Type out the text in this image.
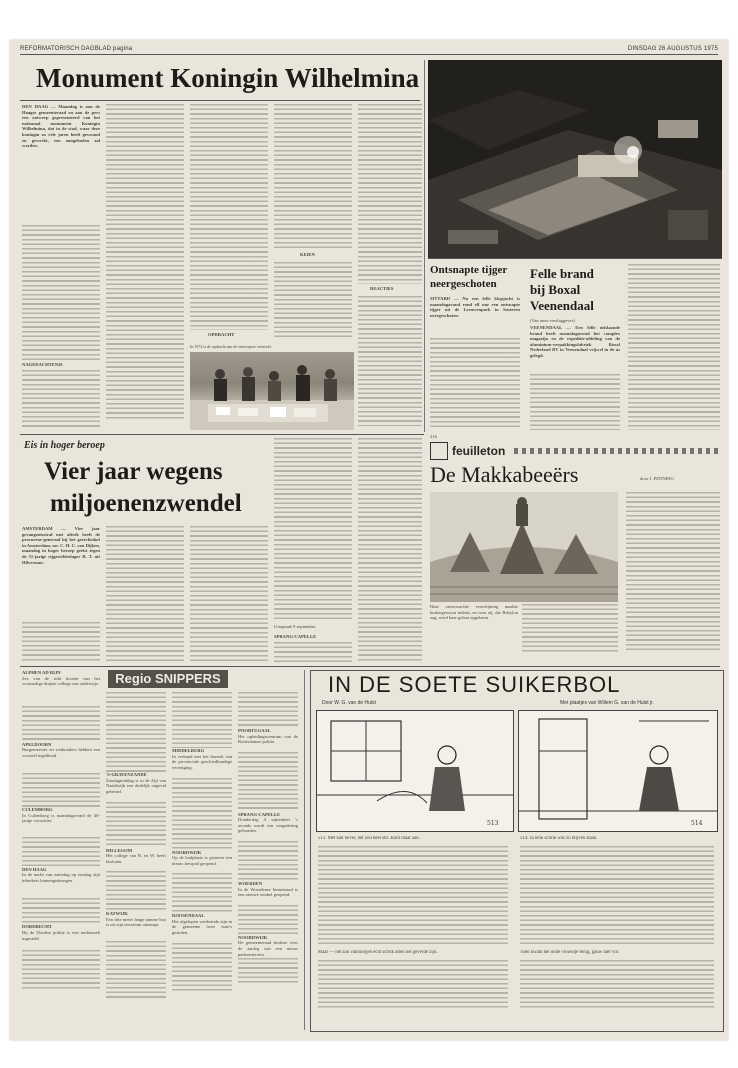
REFORMATORISCH DAGBLAD pagina	DINSDAG 26 AUGUSTUS 1975
Monument Koningin Wilhelmina
DEN HAAG — Maandag is aan de Haagse gemeenteraad en aan de pers een ontwerp gepresenteerd van het nationaal monument Koningin Wilhelmina, dat in de stad, waar deze koningin zo vele jaren heeft gewoond en gewerkt, een aangeboden zal worden.
NAGEDACHTENIS
OPDRACHT
KEIEN
REACTIES
In 1972 is de opdracht aan de ontwerpers verstrekt.
Ontsnapte tijger
neergeschoten
SITTARD — Na een felle klopjacht is maandagavond rond elf uur een ontsnapte tijger uit de Leeuwenpark in Susteren neergeschoten.
Felle brand
bij Boxal
Veenendaal
(Van onze verslaggever)
VEENENDAAL — Een felle uitslaande brand heeft maandagavond het complex magazijn en de expeditie-afdeling van de aluminium-verpakkingsfabriek Boxal Nederland BV in Veenendaal vrijwel in de as gelegd.
Eis in hoger beroep
Vier jaar wegens
miljoenenzwendel
AMSTERDAM — Vier jaar gevangenisstraf met aftrek heeft de procureur-generaal bij het gerechtshof in Amsterdam, mr. C. H. C. van Dijken, maandag in hoger beroep geëist tegen de 51-jarige rijgesteldeslager R. T. uit Hilversum.
Uitspraak 9 september.
SPRANG-CAPELLE
216
feuilleton
De Makkabeeërs	door J. PENNING
Haar onverwachte verschijning maakte buitengewoon indruk, en toen zij, die Babylon zag, werd haar gelaat opgelaten.
Regio SNIPPERS
ALPHEN AD RIJN
Zes van de acht hooien van het voormalige dorpse college van onderwijs.
APELDOORN
Burgemeester en wethouders hebben een voorstel ingediend.
CULEMBORG
In Culemborg is maandagavond de 40-jarige voorzitter.
DEN HAAG
In de nacht van zaterdag op zondag zijn inbrekers binnengedrongen.
DORDRECHT
Bij de Dordtse politie is een onderzoek ingesteld.
'S-GRAVENZANDE
Zondagmiddag is in de Zijl van Naaldwijk een dodelijk ongeval gebeurd.
HILLEGOM
Het college van B. en W. heeft besloten.
KATWIJK
Een drie meter lange tamme boa is uit zijn terrarium ontsnapt.
MIDDELBURG
In verband met het bezoek van de provinciale geschiedkundige vereniging.
NOORDWIJK
Op de badplaats is gisteren een nieuw fietspad geopend.
ROOSENDAAL
Het afgelopen weekeinde zijn in de gemeente twee auto's gestolen.
POORTUGAAL
Het opleidingscentrum van de Rotterdamse politie.
SPRANG-CAPELLE
Donderdag 4 september 's avonds wordt een vergadering gehouden.
WOERDEN
In de Woerdense binnenstad is een nieuwe winkel geopend.
NOORDWIJK
De gemeenteraad besliste over de aanleg van een nieuw parkeerterrein.
IN DE SOETE SUIKERBOL
Door W. G. van de Hulst	Met plaatjes van Willem G. van de Hulst jr.
513	514
513. Met kan liever, het zou heel stil. Kom maar aan.
Maar — het zou vanmorgen echt schrik allen het geverde zijn.
514. Ja lelik schrik was zo blijven staan.
Toen kwam het oude vrouwtje terug, gauw hier vol.
